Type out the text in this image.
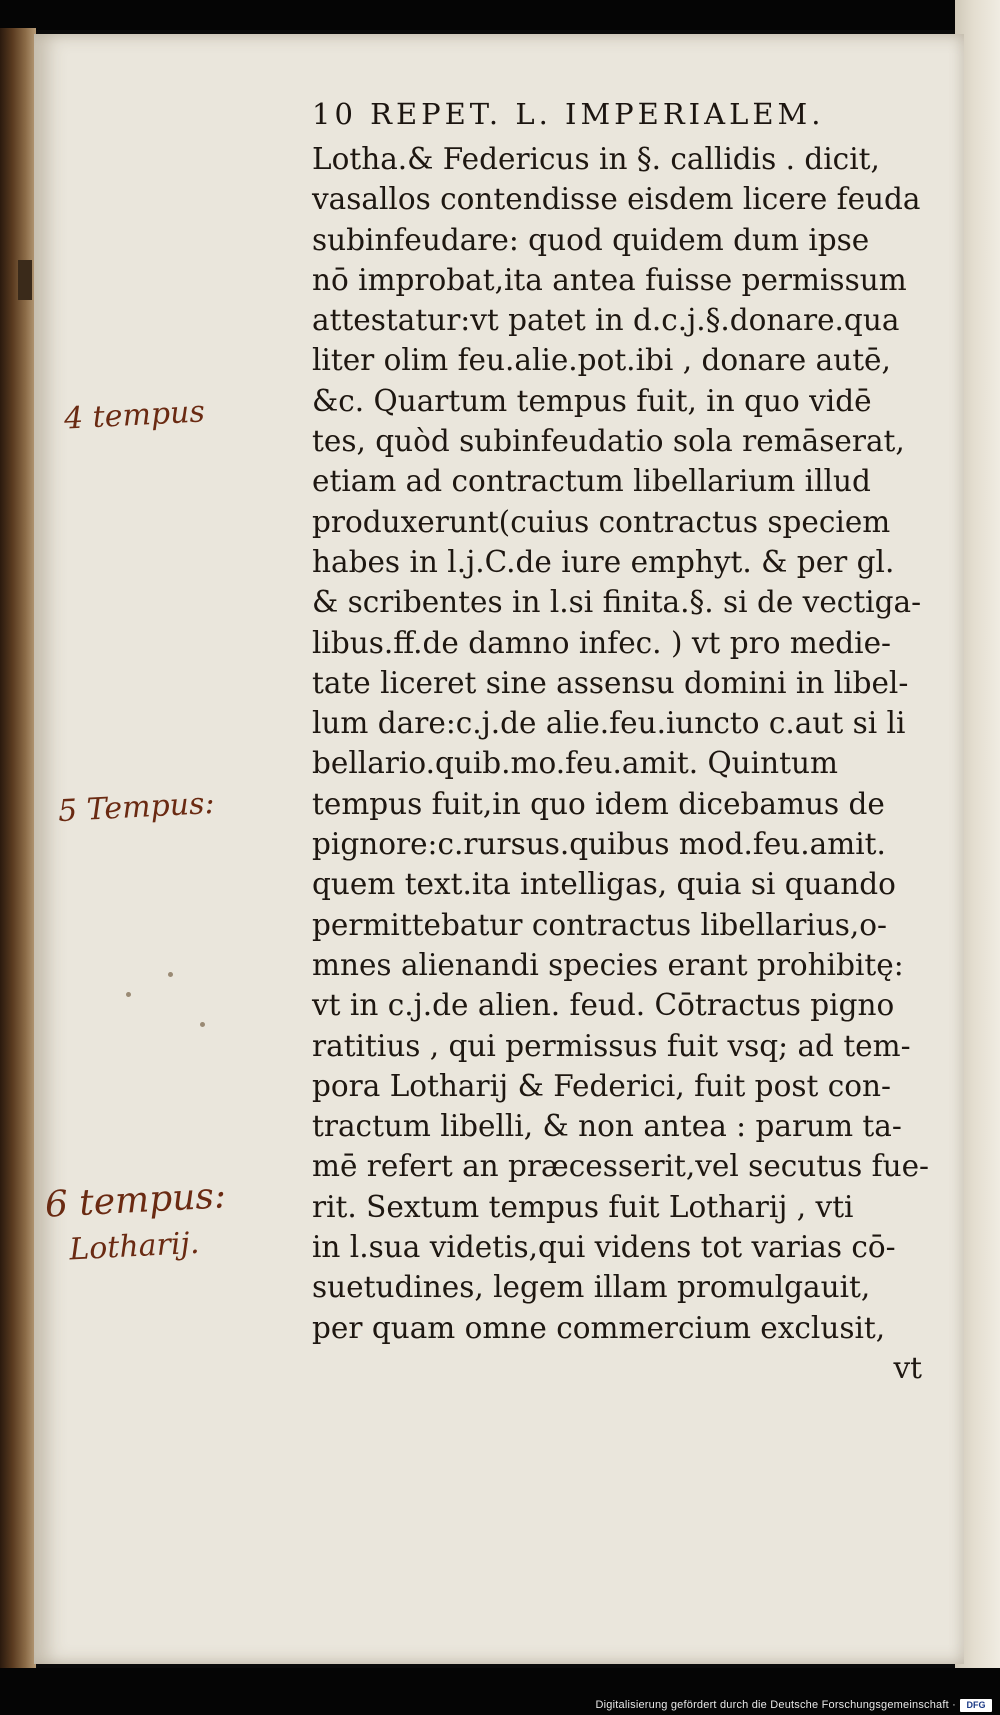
10 REPET. L. IMPERIALEM.
Lotha.& Federicus in §. callidis . dicit,
vasallos contendisse eisdem licere feuda
subinfeudare: quod quidem dum ipse
nō improbat,ita antea fuisse permissum
attestatur:vt patet in d.c.j.§.donare.qua
liter olim feu.alie.pot.ibi , donare autē,
&c. Quartum tempus fuit, in quo vidē
tes, quòd subinfeudatio sola remāserat,
etiam ad contractum libellarium illud
produxerunt(cuius contractus speciem
habes in l.j.C.de iure emphyt. & per gl.
& scribentes in l.si finita.§. si de vectiga-
libus.ff.de damno infec. ) vt pro medie-
tate liceret sine assensu domini in libel-
lum dare:c.j.de alie.feu.iuncto c.aut si li
bellario.quib.mo.feu.amit. Quintum
tempus fuit,in quo idem dicebamus de
pignore:c.rursus.quibus mod.feu.amit.
quem text.ita intelligas, quia si quando
permittebatur contractus libellarius,o-
mnes alienandi species erant prohibitę:
vt in c.j.de alien. feud. Cōtractus pigno
ratitius , qui permissus fuit vsq; ad tem-
pora Lotharij & Federici, fuit post con-
tractum libelli, & non antea : parum ta-
mē refert an præcesserit,vel secutus fue-
rit. Sextum tempus fuit Lotharij , vti
in l.sua videtis,qui videns tot varias cō-
suetudines, legem illam promulgauit,
per quam omne commercium exclusit,
vt
4 tempus
5 Tempus:
6 tempus:
Lotharij.
Digitalisierung gefördert durch die Deutsche Forschungsgemeinschaft ·	DFG
